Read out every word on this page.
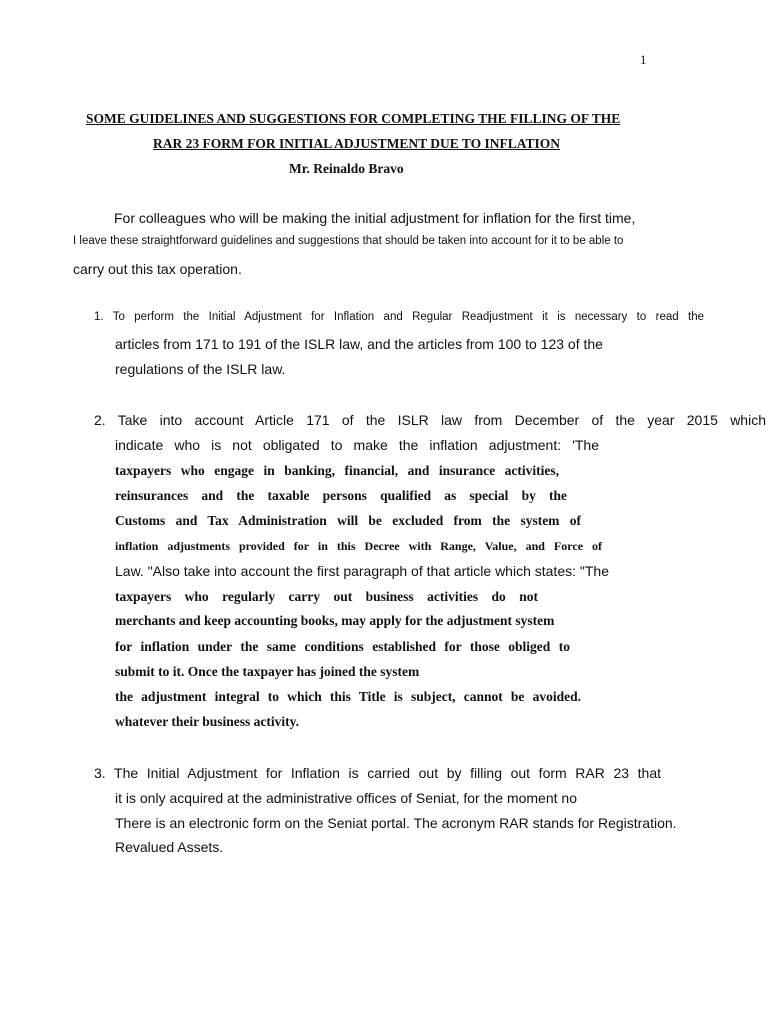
1
SOME GUIDELINES AND SUGGESTIONS FOR COMPLETING THE FILLING OF THE
RAR 23 FORM FOR INITIAL ADJUSTMENT DUE TO INFLATION
Mr. Reinaldo Bravo
For colleagues who will be making the initial adjustment for inflation for the first time,
I leave these straightforward guidelines and suggestions that should be taken into account for it to be able to
carry out this tax operation.
1. To perform the Initial Adjustment for Inflation and Regular Readjustment it is necessary to read the
articles from 171 to 191 of the ISLR law, and the articles from 100 to 123 of the
regulations of the ISLR law.
2. Take into account Article 171 of the ISLR law from December of the year 2015 which
indicate who is not obligated to make the inflation adjustment: 'The
taxpayers who engage in banking, financial, and insurance activities,
reinsurances and the taxable persons qualified as special by the
Customs and Tax Administration will be excluded from the system of
inflation adjustments provided for in this Decree with Range, Value, and Force of
Law. "Also take into account the first paragraph of that article which states: "The
taxpayers who regularly carry out business activities do not
merchants and keep accounting books, may apply for the adjustment system
for inflation under the same conditions established for those obliged to
submit to it. Once the taxpayer has joined the system
the adjustment integral to which this Title is subject, cannot be avoided.
whatever their business activity.
3. The Initial Adjustment for Inflation is carried out by filling out form RAR 23 that
it is only acquired at the administrative offices of Seniat, for the moment no
There is an electronic form on the Seniat portal. The acronym RAR stands for Registration.
Revalued Assets.
